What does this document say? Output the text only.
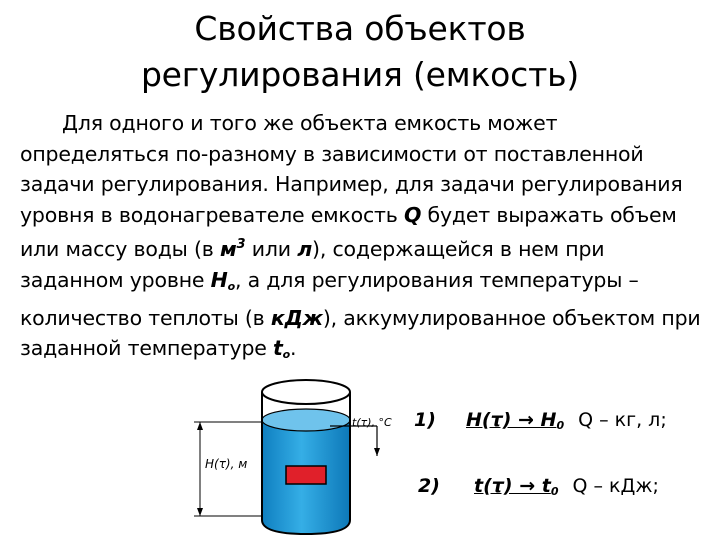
Свойства объектов
регулирования (емкость)
Для одного и того же объекта емкость может определяться по-разному в зависимости от поставленной задачи регулирования. Например, для задачи регулирования уровня в водонагревателе емкость Q будет выражать объем или массу воды (в $м^3$ или л), содержащейся в нем при заданном уровне $H_o$, а для регулирования температуры – количество теплоты (в кДж), аккумулированное объектом при заданной температуре $t_o$.
H(τ), м
t(τ), °C 1) H(τ) → H0 Q – кг, л;
2) t(τ) → t0 Q – кДж;
